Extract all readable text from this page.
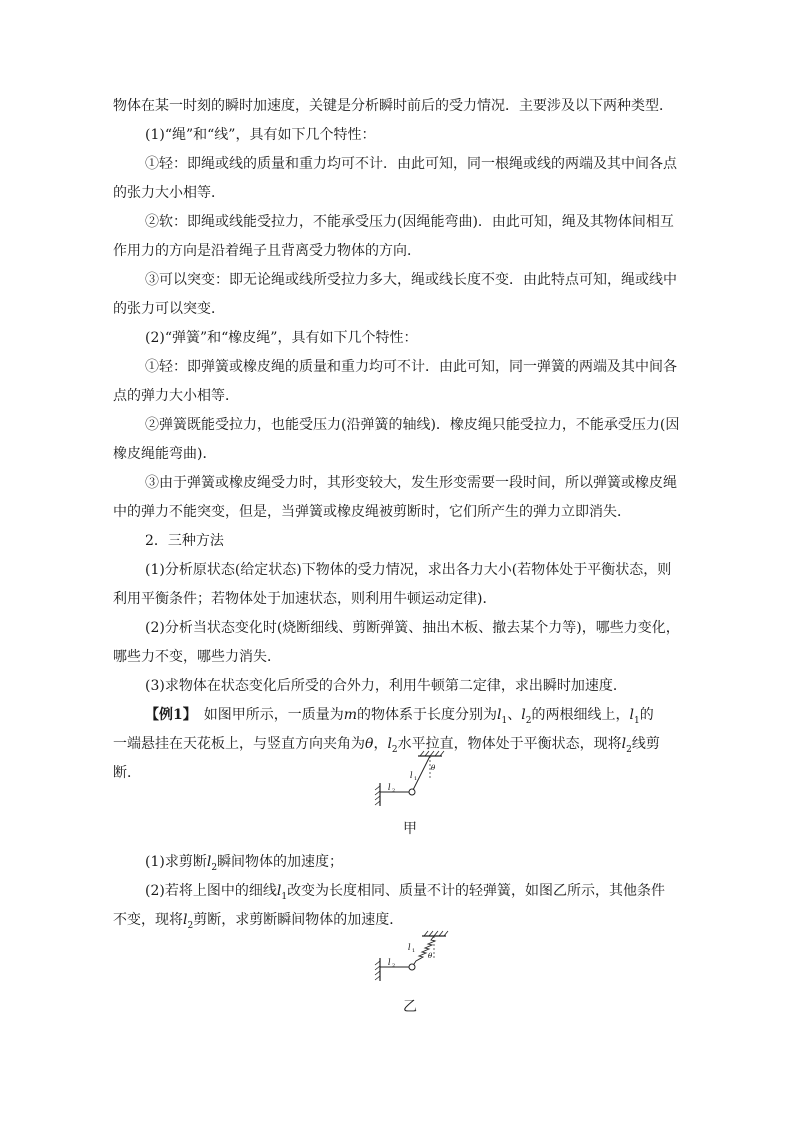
物体在某一时刻的瞬时加速度，关键是分析瞬时前后的受力情况．主要涉及以下两种类型．

(1)“绳”和“线”，具有如下几个特性：

①轻：即绳或线的质量和重力均可不计．由此可知，同一根绳或线的两端及其中间各点

的张力大小相等．

②软：即绳或线能受拉力，不能承受压力(因绳能弯曲)．由此可知，绳及其物体间相互

作用力的方向是沿着绳子且背离受力物体的方向．

③可以突变：即无论绳或线所受拉力多大，绳或线长度不变．由此特点可知，绳或线中

的张力可以突变．

(2)“弹簧”和“橡皮绳”，具有如下几个特性：

①轻：即弹簧或橡皮绳的质量和重力均可不计．由此可知，同一弹簧的两端及其中间各

点的弹力大小相等．

②弹簧既能受拉力，也能受压力(沿弹簧的轴线)．橡皮绳只能受拉力，不能承受压力(因

橡皮绳能弯曲)．

③由于弹簧或橡皮绳受力时，其形变较大，发生形变需要一段时间，所以弹簧或橡皮绳

中的弹力不能突变，但是，当弹簧或橡皮绳被剪断时，它们所产生的弹力立即消失．

2．三种方法

(1)分析原状态(给定状态)下物体的受力情况，求出各力大小(若物体处于平衡状态，则

利用平衡条件；若物体处于加速状态，则利用牛顿运动定律)．

(2)分析当状态变化时(烧断细线、剪断弹簧、抽出木板、撤去某个力等)，哪些力变化，

哪些力不变，哪些力消失．

(3)求物体在状态变化后所受的合外力，利用牛顿第二定律，求出瞬时加速度．

【例1】　如图甲所示，一质量为m的物体系于长度分别为$l_1$、$l_2$的两根细线上，$l_1$的

一端悬挂在天花板上，与竖直方向夹角为θ，$l_2$水平拉直，物体处于平衡状态，现将$l_2$线剪

断．	l 1
l 2
θ
甲

(1)求剪断$l_2$瞬间物体的加速度；

(2)若将上图中的细线$l_1$改变为长度相同、质量不计的轻弹簧，如图乙所示，其他条件

不变，现将$l_2$剪断，求剪断瞬间物体的加速度．

l 1
l 2
θ
乙
